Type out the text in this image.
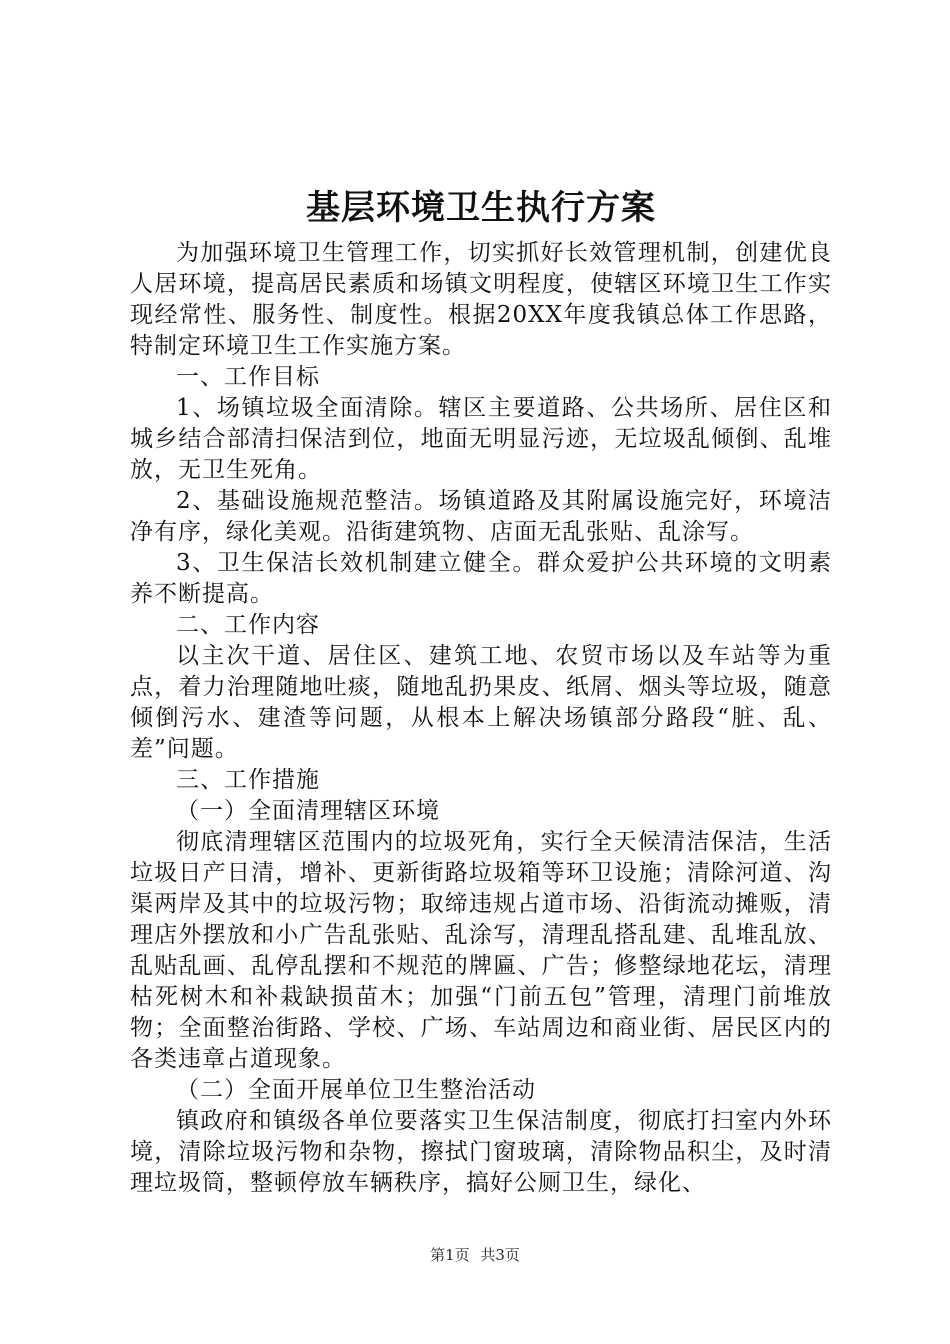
基层环境卫生执行方案

为加强环境卫生管理工作，切实抓好长效管理机制，创建优良人居环境，提高居民素质和场镇文明程度，使辖区环境卫生工作实现经常性、服务性、制度性。根据20XX年度我镇总体工作思路，特制定环境卫生工作实施方案。

一、工作目标

1、场镇垃圾全面清除。辖区主要道路、公共场所、居住区和城乡结合部清扫保洁到位，地面无明显污迹，无垃圾乱倾倒、乱堆放，无卫生死角。

2、基础设施规范整洁。场镇道路及其附属设施完好，环境洁净有序，绿化美观。沿街建筑物、店面无乱张贴、乱涂写。

3、卫生保洁长效机制建立健全。群众爱护公共环境的文明素养不断提高。

二、工作内容

以主次干道、居住区、建筑工地、农贸市场以及车站等为重点，着力治理随地吐痰，随地乱扔果皮、纸屑、烟头等垃圾，随意倾倒污水、建渣等问题，从根本上解决场镇部分路段“脏、乱、差”问题。

三、工作措施

（一）全面清理辖区环境

彻底清理辖区范围内的垃圾死角，实行全天候清洁保洁，生活垃圾日产日清，增补、更新街路垃圾箱等环卫设施；清除河道、沟渠两岸及其中的垃圾污物；取缔违规占道市场、沿街流动摊贩，清理店外摆放和小广告乱张贴、乱涂写，清理乱搭乱建、乱堆乱放、乱贴乱画、乱停乱摆和不规范的牌匾、广告；修整绿地花坛，清理枯死树木和补栽缺损苗木；加强“门前五包”管理，清理门前堆放物；全面整治街路、学校、广场、车站周边和商业街、居民区内的各类违章占道现象。

（二）全面开展单位卫生整治活动

镇政府和镇级各单位要落实卫生保洁制度，彻底打扫室内外环境，清除垃圾污物和杂物，擦拭门窗玻璃，清除物品积尘，及时清理垃圾筒，整顿停放车辆秩序，搞好公厕卫生，绿化、

第1页 共3页
